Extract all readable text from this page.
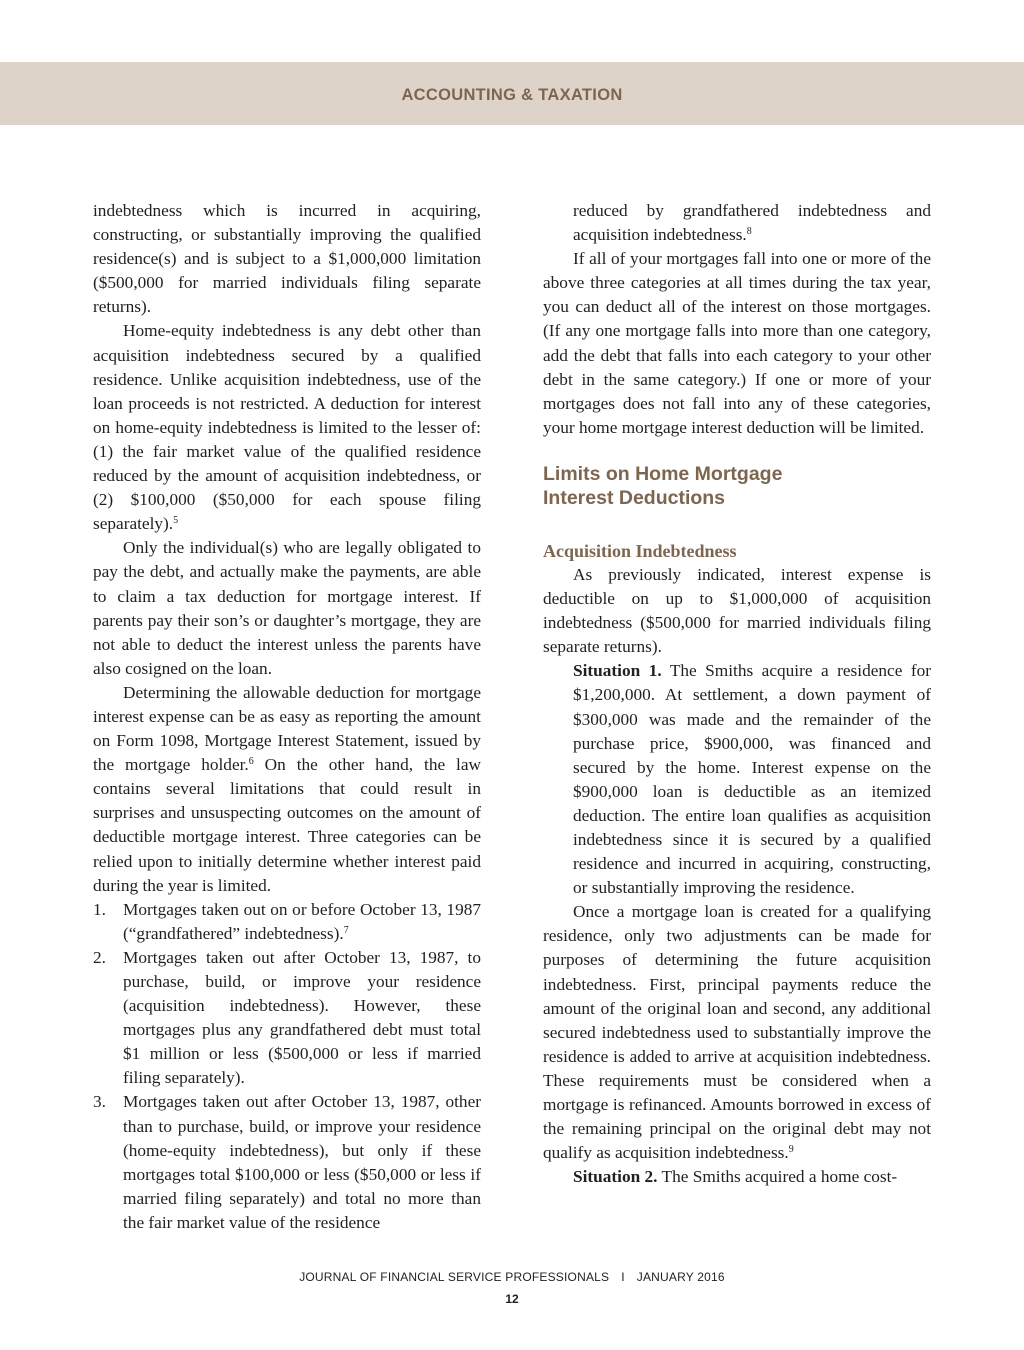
ACCOUNTING & TAXATION

indebtedness which is incurred in acquiring, constructing, or substantially improving the qualified residence(s) and is subject to a $1,000,000 limitation ($500,000 for married individuals filing separate returns).

Home-equity indebtedness is any debt other than acquisition indebtedness secured by a qualified residence. Unlike acquisition indebtedness, use of the loan proceeds is not restricted. A deduction for interest on home-equity indebtedness is limited to the lesser of: (1) the fair market value of the qualified residence reduced by the amount of acquisition indebtedness, or (2) $100,000 ($50,000 for each spouse filing separately).$^5$

Only the individual(s) who are legally obligated to pay the debt, and actually make the payments, are able to claim a tax deduction for mortgage interest. If parents pay their son’s or daughter’s mortgage, they are not able to deduct the interest unless the parents have also cosigned on the loan.

Determining the allowable deduction for mortgage interest expense can be as easy as reporting the amount on Form 1098, Mortgage Interest Statement, issued by the mortgage holder.$^6$ On the other hand, the law contains several limitations that could result in surprises and unsuspecting outcomes on the amount of deductible mortgage interest. Three categories can be relied upon to initially determine whether interest paid during the year is limited.

1. Mortgages taken out on or before October 13, 1987 (“grandfathered” indebtedness).$^7$
2. Mortgages taken out after October 13, 1987, to purchase, build, or improve your residence (acquisition indebtedness). However, these mortgages plus any grandfathered debt must total $1 million or less ($500,000 or less if married filing separately).
3. Mortgages taken out after October 13, 1987, other than to purchase, build, or improve your residence (home-equity indebtedness), but only if these mortgages total $100,000 or less ($50,000 or less if married filing separately) and total no more than the fair market value of the residence

reduced by grandfathered indebtedness and acquisition indebtedness.$^8$

If all of your mortgages fall into one or more of the above three categories at all times during the tax year, you can deduct all of the interest on those mortgages. (If any one mortgage falls into more than one category, add the debt that falls into each category to your other debt in the same category.) If one or more of your mortgages does not fall into any of these categories, your home mortgage interest deduction will be limited.

Limits on Home Mortgage
Interest Deductions
Acquisition Indebtedness

As previously indicated, interest expense is deductible on up to $1,000,000 of acquisition indebtedness ($500,000 for married individuals filing separate returns).

Situation 1. The Smiths acquire a residence for $1,200,000. At settlement, a down payment of $300,000 was made and the remainder of the purchase price, $900,000, was financed and secured by the home. Interest expense on the $900,000 loan is deductible as an itemized deduction. The entire loan qualifies as acquisition indebtedness since it is secured by a qualified residence and incurred in acquiring, constructing, or substantially improving the residence.

Once a mortgage loan is created for a qualifying residence, only two adjustments can be made for purposes of determining the future acquisition indebtedness. First, principal payments reduce the amount of the original loan and second, any additional secured indebtedness used to substantially improve the residence is added to arrive at acquisition indebtedness. These requirements must be considered when a mortgage is refinanced. Amounts borrowed in excess of the remaining principal on the original debt may not qualify as acquisition indebtedness.$^9$

Situation 2. The Smiths acquired a home cost-

JOURNAL OF FINANCIAL SERVICE PROFESSIONALS I JANUARY 2016
12
